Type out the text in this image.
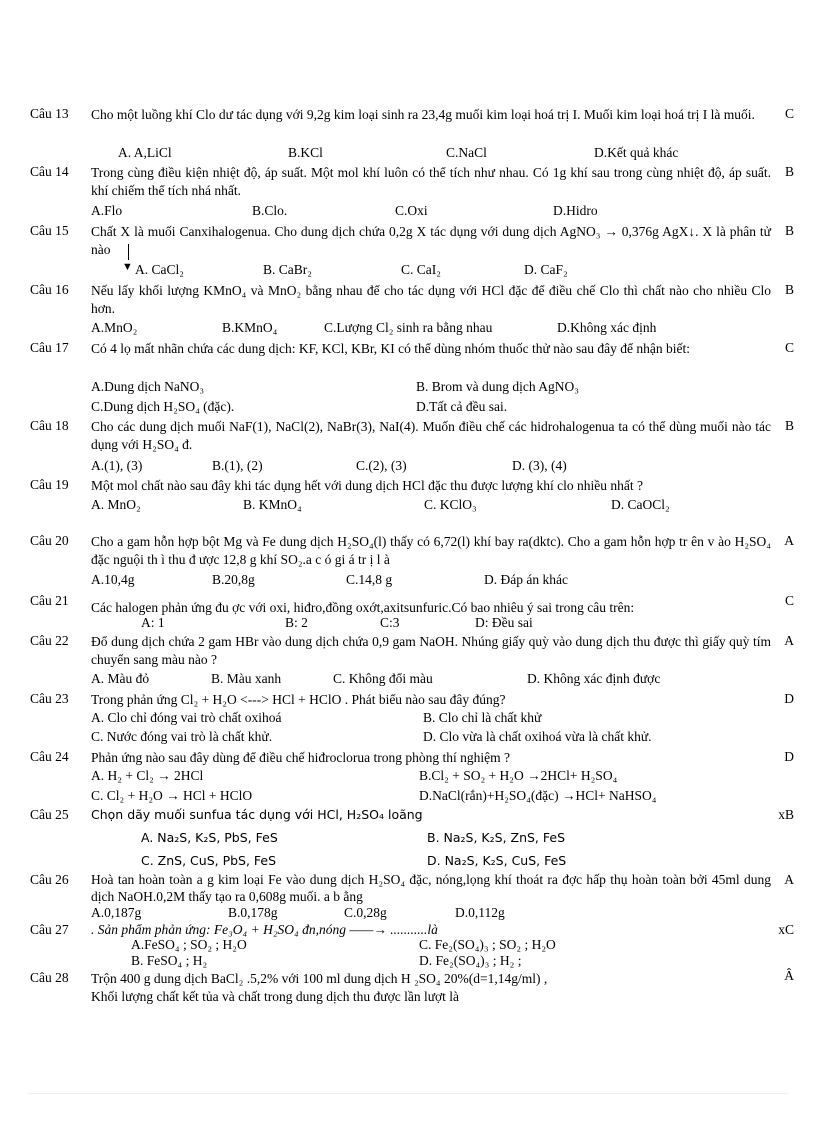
Câu 13	C
Cho một luồng khí Clo dư tác dụng với 9,2g kim loại sinh ra 23,4g muối kim loại hoá trị I. Muối kim loại hoá trị I là muối.
A. A,LiCl	B.KCl	C.NaCl	D.Kết quả khác
Câu 14	B
Trong cùng điều kiện nhiệt độ, áp suất. Một mol khí luôn có thể tích như nhau. Có 1g khí sau trong cùng nhiệt độ, áp suất. khí chiếm thể tích nhá nhất.
A.Flo	B.Clo.	C.Oxi	D.Hidro
Câu 15	B
Chất X là muối Canxihalogenua. Cho dung dịch chứa 0,2g X tác dụng với dung dịch AgNO₃ → 0,376g AgX↓. X là phân tử nào
▼ A. CaCl₂	B. CaBr₂	C. CaI₂	D. CaF₂
Câu 16	B
Nếu lấy khối lượng KMnO₄ và MnO₂ bằng nhau để cho tác dụng với HCl đặc để điều chế Clo thì chất nào cho nhiều Clo hơn.
A.MnO₂	B.KMnO₄	C.Lượng Cl₂ sinh ra bằng nhau	D.Không xác định
Câu 17	C
Có 4 lọ mất nhãn chứa các dung dịch: KF, KCl, KBr, KI có thể dùng nhóm thuốc thử nào sau đây để nhận biết:
A.Dung dịch NaNO₃	B. Brom và dung dịch AgNO₃
C.Dung dịch H₂SO₄ (đặc).	D.Tất cả đều sai.
Câu 18	B
Cho các dung dịch muối NaF(1), NaCl(2), NaBr(3), NaI(4). Muốn điều chế các hidrohalogenua ta có thể dùng muối nào tác dụng với H₂SO₄ đ.
A.(1), (3)	B.(1), (2)	C.(2), (3)	D. (3), (4)
Câu 19 Một mol chất nào sau đây khi tác dụng hết với dung dịch HCl đặc thu được lượng khí clo nhiều nhất ?
A. MnO₂	B. KMnO₄	C. KClO₃	D. CaOCl₂
Câu 20	A
Cho a gam hỗn hợp bột Mg và Fe dung dịch H₂SO₄(l) thấy có 6,72(l) khí bay ra(dktc). Cho a gam hỗn hợp tr ên v ào H₂SO₄ đặc nguội th ì thu đ ược 12,8 g khí SO₂.a c ó gi á tr ị l à
A.10,4g	B.20,8g	C.14,8 g	D. Đáp án khác
Câu 21	C
Các halogen phản ứng đu ợc với oxi, hiđro,đồng oxớt,axitsunfuric.Có bao nhiêu ý sai trong câu trên:
A: 1	B: 2	C:3	D: Đều sai
Câu 22	A
Đổ dung dịch chứa 2 gam HBr vào dung dịch chứa 0,9 gam NaOH. Nhúng giấy quỳ vào dung dịch thu được thì giấy quỳ tím chuyển sang màu nào ?
A. Màu đỏ	B. Màu xanh	C. Không đổi màu	D. Không xác định được
Câu 23	D
Trong phản ứng Cl₂ + H₂O <---> HCl + HClO . Phát biểu nào sau đây đúng?
A. Clo chỉ đóng vai trò chất oxihoá	B. Clo chỉ là chất khử
C. Nước đóng vai trò là chất khử.	D. Clo vừa là chất oxihoá vừa là chất khử.
Câu 24	D
Phản ứng nào sau đây dùng để điều chế hiđroclorua trong phòng thí nghiệm ?
A. H₂ + Cl₂ → 2HCl	B.Cl₂ + SO₂ + H₂O →2HCl+ H₂SO₄
C. Cl₂ + H₂O → HCl + HClO	D.NaCl(rắn)+H₂SO₄(đặc) →HCl+ NaHSO₄
Câu 25	xB
Chọn dãy muối sunfua tác dụng với HCl, H₂SO₄ loãng
A. Na₂S, K₂S, PbS, FeS	B. Na₂S, K₂S, ZnS, FeS
C. ZnS, CuS, PbS, FeS	D. Na₂S, K₂S, CuS, FeS
Câu 26	A
Hoà tan hoàn toàn a g kim loại Fe vào dung dịch H₂SO₄ đặc, nóng,lọng khí thoát ra đợc hấp thụ hoàn toàn bởi 45ml dung dịch NaOH.0,2M thấy tạo ra 0,608g muối. a b ằng
A.0,187g	B.0,178g	C.0,28g	D.0,112g
Câu 27	xC
. Sản phẩm phản ứng: Fe₃O₄ + H₂SO₄ đn,nóng ——→ ...........là
A.FeSO₄ ; SO₂ ; H₂O	C. Fe₂(SO₄)₃ ; SO₂ ; H₂O
B. FeSO₄ ; H₂	D. Fe₂(SO₄)₃ ; H₂ ;
Câu 28	Â
Trộn 400 g dung dịch BaCl₂ .5,2% với 100 ml dung dịch H ₂SO₄ 20%(d=1,14g/ml) ,
Khối lượng chất kết tủa và chất trong dung dịch thu được lần lượt là
